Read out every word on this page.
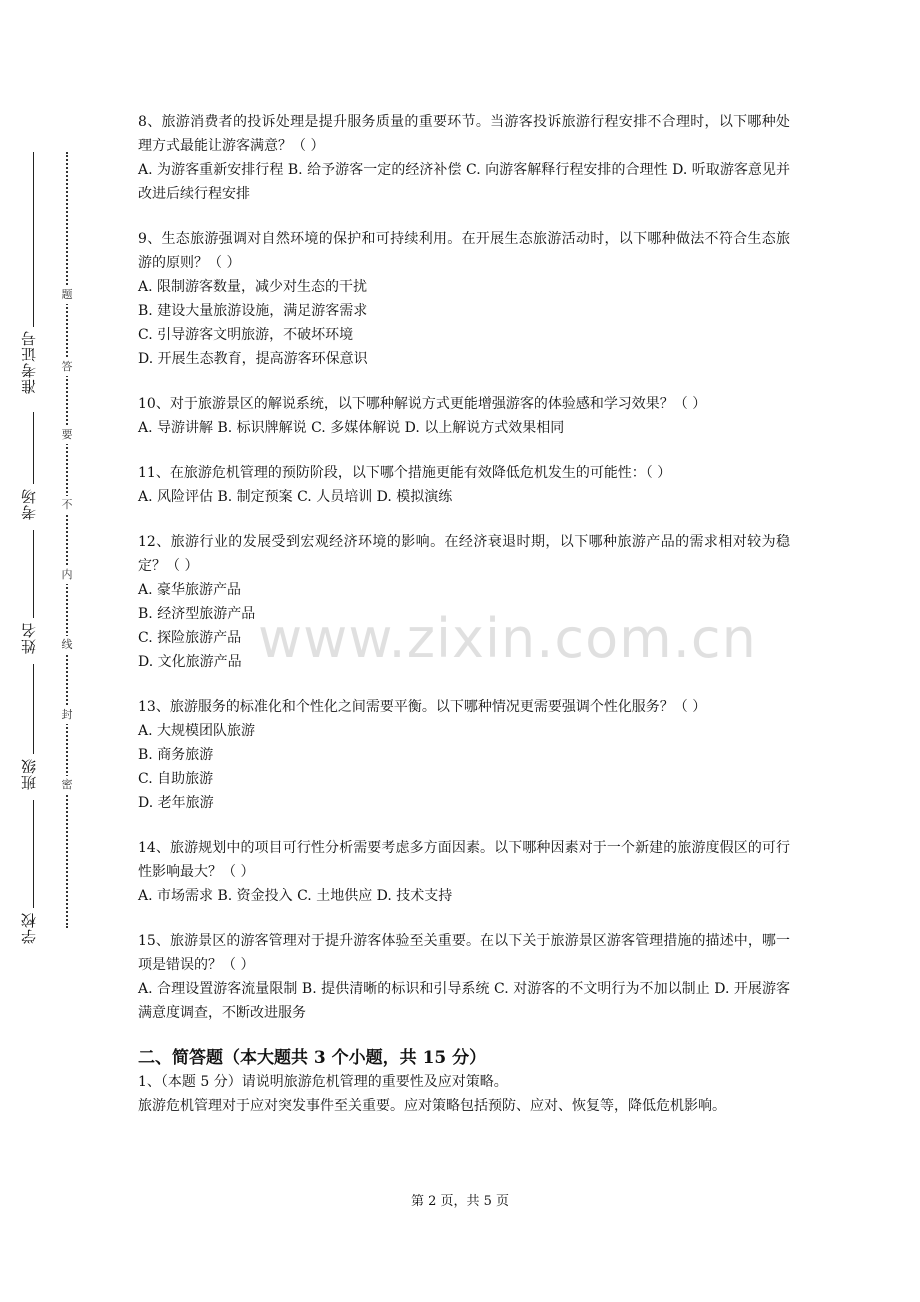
准考证号
考场
姓名
班级
学校
题
答
要
不
内
线
封
密

8、旅游消费者的投诉处理是提升服务质量的重要环节。当游客投诉旅游行程安排不合理时，以下哪种处理方式最能让游客满意？（ ）

A. 为游客重新安排行程 B. 给予游客一定的经济补偿 C. 向游客解释行程安排的合理性 D. 听取游客意见并改进后续行程安排

9、生态旅游强调对自然环境的保护和可持续利用。在开展生态旅游活动时，以下哪种做法不符合生态旅游的原则？（ ）

A. 限制游客数量，减少对生态的干扰

B. 建设大量旅游设施，满足游客需求

C. 引导游客文明旅游，不破坏环境

D. 开展生态教育，提高游客环保意识

10、对于旅游景区的解说系统，以下哪种解说方式更能增强游客的体验感和学习效果？（ ）

A. 导游讲解 B. 标识牌解说 C. 多媒体解说 D. 以上解说方式效果相同

11、在旅游危机管理的预防阶段，以下哪个措施更能有效降低危机发生的可能性：（ ）

A. 风险评估 B. 制定预案 C. 人员培训 D. 模拟演练

12、旅游行业的发展受到宏观经济环境的影响。在经济衰退时期，以下哪种旅游产品的需求相对较为稳定？（ ）

A. 豪华旅游产品

B. 经济型旅游产品

C. 探险旅游产品

D. 文化旅游产品

13、旅游服务的标准化和个性化之间需要平衡。以下哪种情况更需要强调个性化服务？（ ）

A. 大规模团队旅游

B. 商务旅游

C. 自助旅游

D. 老年旅游

14、旅游规划中的项目可行性分析需要考虑多方面因素。以下哪种因素对于一个新建的旅游度假区的可行性影响最大？（ ）

A. 市场需求 B. 资金投入 C. 土地供应 D. 技术支持

15、旅游景区的游客管理对于提升游客体验至关重要。在以下关于旅游景区游客管理措施的描述中，哪一项是错误的？（ ）

A. 合理设置游客流量限制 B. 提供清晰的标识和引导系统 C. 对游客的不文明行为不加以制止 D. 开展游客满意度调查，不断改进服务

二、简答题（本大题共 3 个小题，共 15 分）

1、（本题 5 分）请说明旅游危机管理的重要性及应对策略。

旅游危机管理对于应对突发事件至关重要。应对策略包括预防、应对、恢复等，降低危机影响。

www.zixin.com.cn
第 2 页，共 5 页
